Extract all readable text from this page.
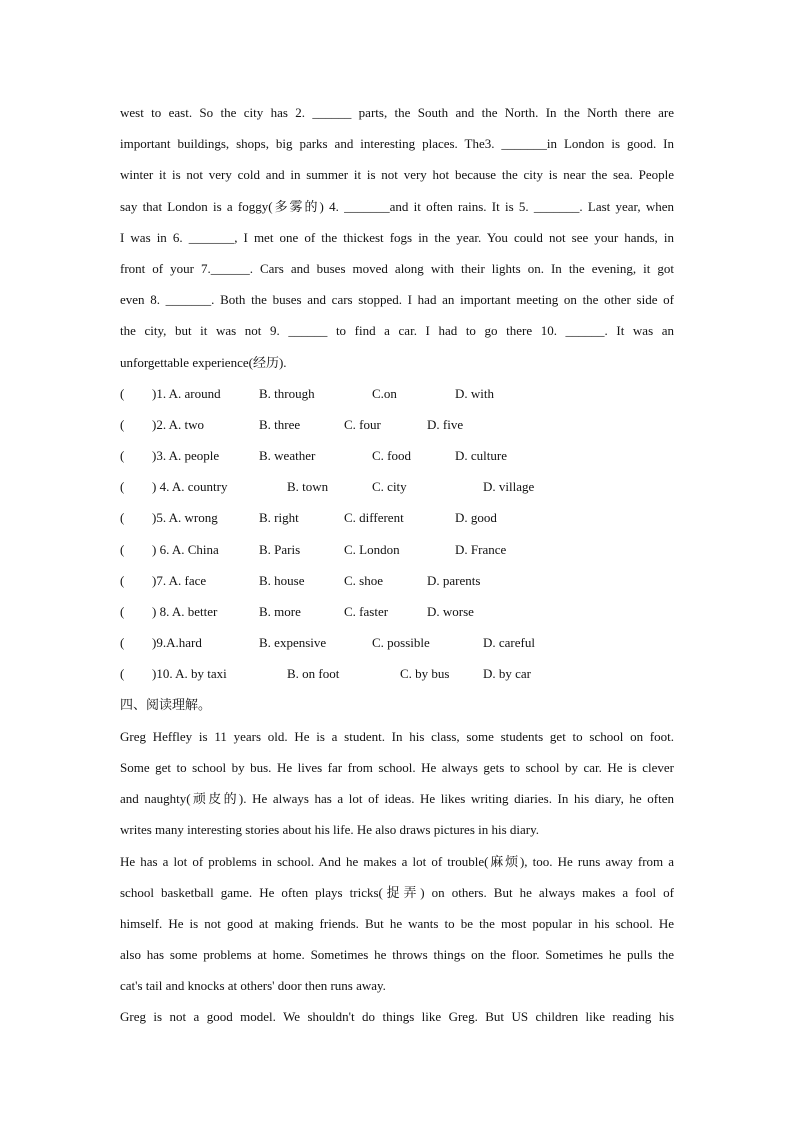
west to east. So the city has 2. ______ parts, the South and the North. In the North there are
important buildings, shops, big parks and interesting places. The3. _______in London is good. In
winter it is not very cold and in summer it is not very hot because the city is near the sea. People
say that London is a foggy(多雾的) 4. _______and it often rains. It is 5. _______. Last year, when
I was in 6. _______, I met one of the thickest fogs in the year. You could not see your hands, in
front of your 7.______. Cars and buses moved along with their lights on. In the evening, it got
even 8. _______. Both the buses and cars stopped. I had an important meeting on the other side of
the city, but it was not 9. ______ to find a car. I had to go there 10. ______. It was an
unforgettable experience(经历).
( )1. A. around	B. through	C.on	D. with
( )2. A. two	B. three	C. four	D. five
( )3. A. people	B. weather	C. food	D. culture
( ) 4. A. country	B. town	C. city	D. village
( )5. A. wrong	B. right	C. different	D. good
( ) 6. A. China	B. Paris	C. London	D. France
( )7. A. face	B. house	C. shoe	D. parents
( ) 8. A. better	B. more	C. faster	D. worse
( )9.A.hard	B. expensive	C. possible	D. careful
( )10. A. by taxi	B. on foot	C. by bus	D. by car
四、阅读理解。
Greg Heffley is 11 years old. He is a student. In his class, some students get to school on foot.
Some get to school by bus. He lives far from school. He always gets to school by car. He is clever
and naughty(顽皮的). He always has a lot of ideas. He likes writing diaries. In his diary, he often
writes many interesting stories about his life. He also draws pictures in his diary.
He has a lot of problems in school. And he makes a lot of trouble(麻烦), too. He runs away from a
school basketball game. He often plays tricks(捉弄) on others. But he always makes a fool of
himself. He is not good at making friends. But he wants to be the most popular in his school. He
also has some problems at home. Sometimes he throws things on the floor. Sometimes he pulls the
cat's tail and knocks at others' door then runs away.
Greg is not a good model. We shouldn't do things like Greg. But US children like reading his
